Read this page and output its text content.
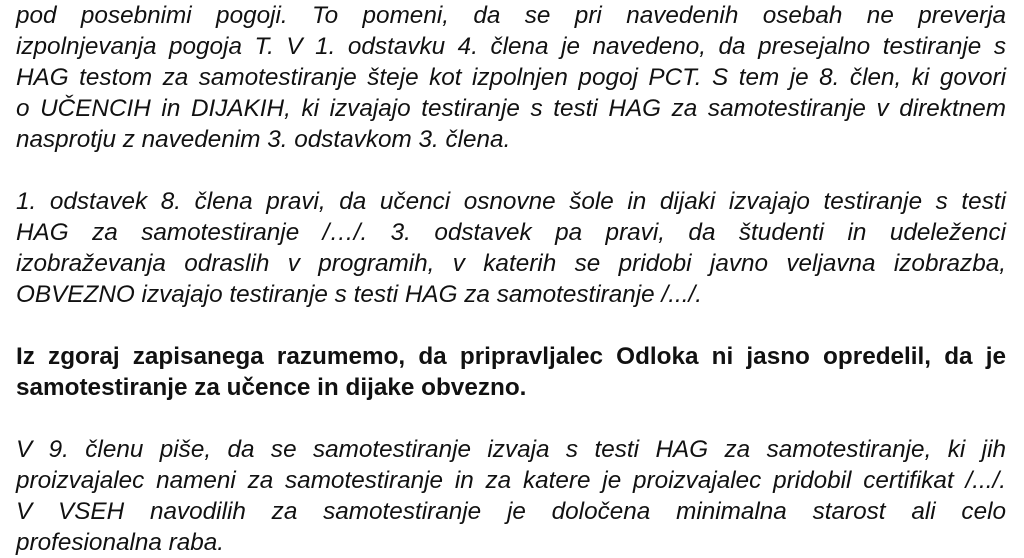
pod posebnimi pogoji. To pomeni, da se pri navedenih osebah ne preverja
izpolnjevanja pogoja T. V 1. odstavku 4. člena je navedeno, da presejalno testiranje s
HAG testom za samotestiranje šteje kot izpolnjen pogoj PCT. S tem je 8. člen, ki govori
o UČENCIH in DIJAKIH, ki izvajajo testiranje s testi HAG za samotestiranje v direktnem
nasprotju z navedenim 3. odstavkom 3. člena.
1. odstavek 8. člena pravi, da učenci osnovne šole in dijaki izvajajo testiranje s testi
HAG za samotestiranje /…/. 3. odstavek pa pravi, da študenti in udeleženci
izobraževanja odraslih v programih, v katerih se pridobi javno veljavna izobrazba,
OBVEZNO izvajajo testiranje s testi HAG za samotestiranje /.../.
Iz zgoraj zapisanega razumemo, da pripravljalec Odloka ni jasno opredelil, da je
samotestiranje za učence in dijake obvezno.
V 9. členu piše, da se samotestiranje izvaja s testi HAG za samotestiranje, ki jih
proizvajalec nameni za samotestiranje in za katere je proizvajalec pridobil certifikat /.../.
V VSEH navodilih za samotestiranje je določena minimalna starost ali celo
profesionalna raba.
